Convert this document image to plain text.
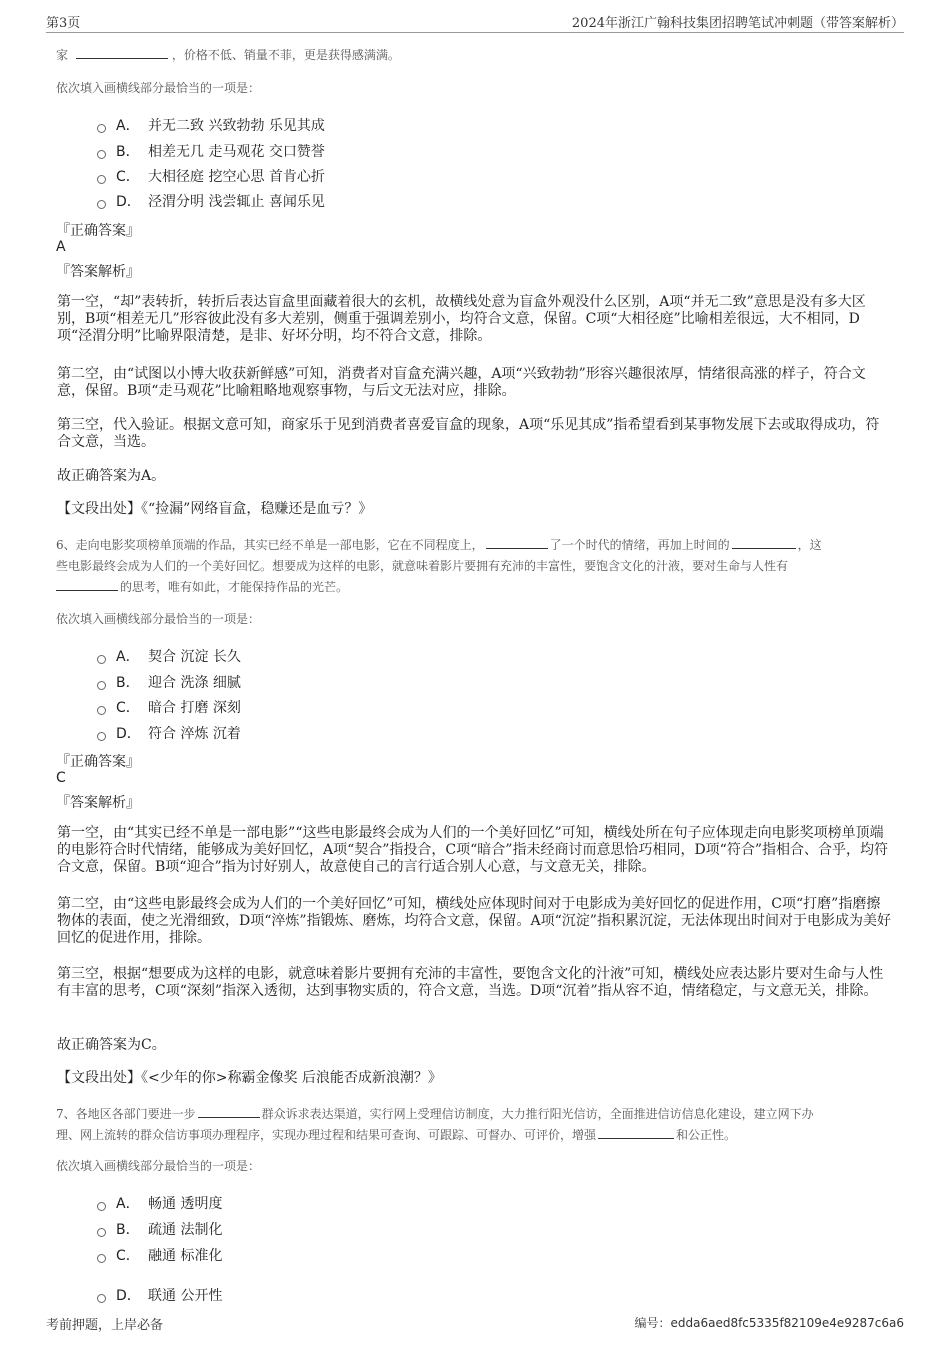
第3页	2024年浙江广翰科技集团招聘笔试冲刺题（带答案解析）
家	，价格不低、销量不菲，更是获得感满满。
依次填入画横线部分最恰当的一项是：
A． 并无二致 兴致勃勃 乐见其成
B． 相差无几 走马观花 交口赞誉
C． 大相径庭 挖空心思 首肯心折
D． 泾渭分明 浅尝辄止 喜闻乐见
『正确答案』
A
『答案解析』
第一空，“却”表转折，转折后表达盲盒里面藏着很大的玄机，故横线处意为盲盒外观没什么区别，A项“并无二致”意思是没有多大区别，B项“相差无几”形容彼此没有多大差别，侧重于强调差别小，均符合文意，保留。C项“大相径庭”比喻相差很远，大不相同，D项“泾渭分明”比喻界限清楚，是非、好坏分明，均不符合文意，排除。
第二空，由“试图以小博大收获新鲜感”可知，消费者对盲盒充满兴趣，A项“兴致勃勃”形容兴趣很浓厚，情绪很高涨的样子，符合文意，保留。B项“走马观花”比喻粗略地观察事物，与后文无法对应，排除。
第三空，代入验证。根据文意可知，商家乐于见到消费者喜爱盲盒的现象，A项“乐见其成”指希望看到某事物发展下去或取得成功，符合文意，当选。
故正确答案为A。
【文段出处】《“捡漏”网络盲盒，稳赚还是血亏？》
6、走向电影奖项榜单顶端的作品，其实已经不单是一部电影，它在不同程度上，	了一个时代的情绪，再加上时间的	，这
些电影最终会成为人们的一个美好回忆。想要成为这样的电影，就意味着影片要拥有充沛的丰富性，要饱含文化的汁液，要对生命与人性有
的思考，唯有如此，才能保持作品的光芒。
依次填入画横线部分最恰当的一项是：
A． 契合 沉淀 长久
B． 迎合 洗涤 细腻
C． 暗合 打磨 深刻
D． 符合 淬炼 沉着
『正确答案』
C
『答案解析』
第一空，由“其实已经不单是一部电影”“这些电影最终会成为人们的一个美好回忆”可知，横线处所在句子应体现走向电影奖项榜单顶端的电影符合时代情绪，能够成为美好回忆，A项“契合”指投合，C项“暗合”指未经商讨而意思恰巧相同，D项“符合”指相合、合乎，均符合文意，保留。B项“迎合”指为讨好别人，故意使自己的言行适合别人心意，与文意无关，排除。
第二空，由“这些电影最终会成为人们的一个美好回忆”可知，横线处应体现时间对于电影成为美好回忆的促进作用，C项“打磨”指磨擦物体的表面，使之光滑细致，D项“淬炼”指锻炼、磨炼，均符合文意，保留。A项“沉淀”指积累沉淀，无法体现出时间对于电影成为美好回忆的促进作用，排除。
第三空，根据“想要成为这样的电影，就意味着影片要拥有充沛的丰富性，要饱含文化的汁液”可知，横线处应表达影片要对生命与人性有丰富的思考，C项“深刻”指深入透彻，达到事物实质的，符合文意，当选。D项“沉着”指从容不迫，情绪稳定，与文意无关，排除。
故正确答案为C。
【文段出处】《<少年的你>称霸金像奖 后浪能否成新浪潮？》
7、各地区各部门要进一步	群众诉求表达渠道，实行网上受理信访制度，大力推行阳光信访，全面推进信访信息化建设，建立网下办
理、网上流转的群众信访事项办理程序，实现办理过程和结果可查询、可跟踪、可督办、可评价，增强	和公正性。
依次填入画横线部分最恰当的一项是：
A． 畅通 透明度
B． 疏通 法制化
C． 融通 标准化
D． 联通 公开性
考前押题，上岸必备	编号：edda6aed8fc5335f82109e4e9287c6a6
